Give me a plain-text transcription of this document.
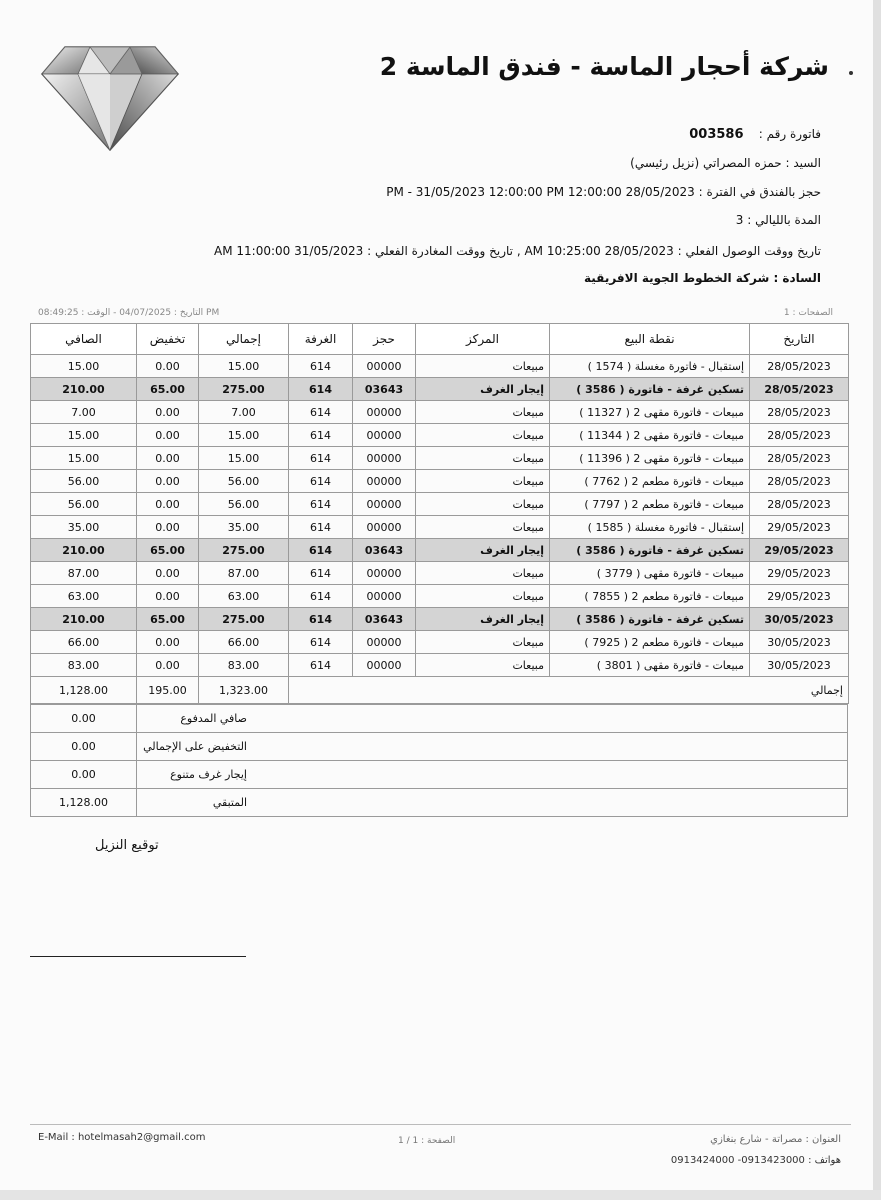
شركة أحجار الماسة - فندق الماسة 2
فاتورة رقم :    003586
السيد : حمزه المصراتي (نزيل رئيسي)
حجز بالفندق في الفترة : 28/05/2023 12:00:00 PM - 31/05/2023 12:00:00 PM
المدة بالليالي : 3
تاريخ ووقت الوصول الفعلي : 28/05/2023 10:25:00 AM , تاريخ ووقت المغادرة الفعلي : 31/05/2023 11:00:00 AM
السادة : شركة الخطوط الجوية الافريقية
الصفحات : 1
التاريخ : 04/07/2025 - الوقت : 08:49:25 PM
الصافي	تخفيض	إجمالي	الغرفة	حجز	المركز	نقطة البيع	التاريخ
15.00	0.00	15.00	614	00000	مبيعات	إستقبال - فاتورة مغسلة ( 1574 )	28/05/2023
210.00	65.00	275.00	614	03643	إيجار الغرف	تسكين غرفة - فاتورة ( 3586 )	28/05/2023
7.00	0.00	7.00	614	00000	مبيعات	مبيعات - فاتورة مقهى 2 ( 11327 )	28/05/2023
15.00	0.00	15.00	614	00000	مبيعات	مبيعات - فاتورة مقهى 2 ( 11344 )	28/05/2023
15.00	0.00	15.00	614	00000	مبيعات	مبيعات - فاتورة مقهى 2 ( 11396 )	28/05/2023
56.00	0.00	56.00	614	00000	مبيعات	مبيعات - فاتورة مطعم 2 ( 7762 )	28/05/2023
56.00	0.00	56.00	614	00000	مبيعات	مبيعات - فاتورة مطعم 2 ( 7797 )	28/05/2023
35.00	0.00	35.00	614	00000	مبيعات	إستقبال - فاتورة مغسلة ( 1585 )	29/05/2023
210.00	65.00	275.00	614	03643	إيجار الغرف	تسكين غرفة - فاتورة ( 3586 )	29/05/2023
87.00	0.00	87.00	614	00000	مبيعات	مبيعات - فاتورة مقهى ( 3779 )	29/05/2023
63.00	0.00	63.00	614	00000	مبيعات	مبيعات - فاتورة مطعم 2 ( 7855 )	29/05/2023
210.00	65.00	275.00	614	03643	إيجار الغرف	تسكين غرفة - فاتورة ( 3586 )	30/05/2023
66.00	0.00	66.00	614	00000	مبيعات	مبيعات - فاتورة مطعم 2 ( 7925 )	30/05/2023
83.00	0.00	83.00	614	00000	مبيعات	مبيعات - فاتورة مقهى ( 3801 )	30/05/2023
1,128.00	195.00	1,323.00	إجمالي				
0.00	صافي المدفوع
0.00	التخفيض على الإجمالي
0.00	إيجار غرف متنوع
1,128.00	المتبقي
توقيع النزيل
E-Mail : hotelmasah2@gmail.com	الصفحة : 1 / 1	العنوان : مصراتة - شارع بنغازي
هواتف : 0913423000- 0913424000
